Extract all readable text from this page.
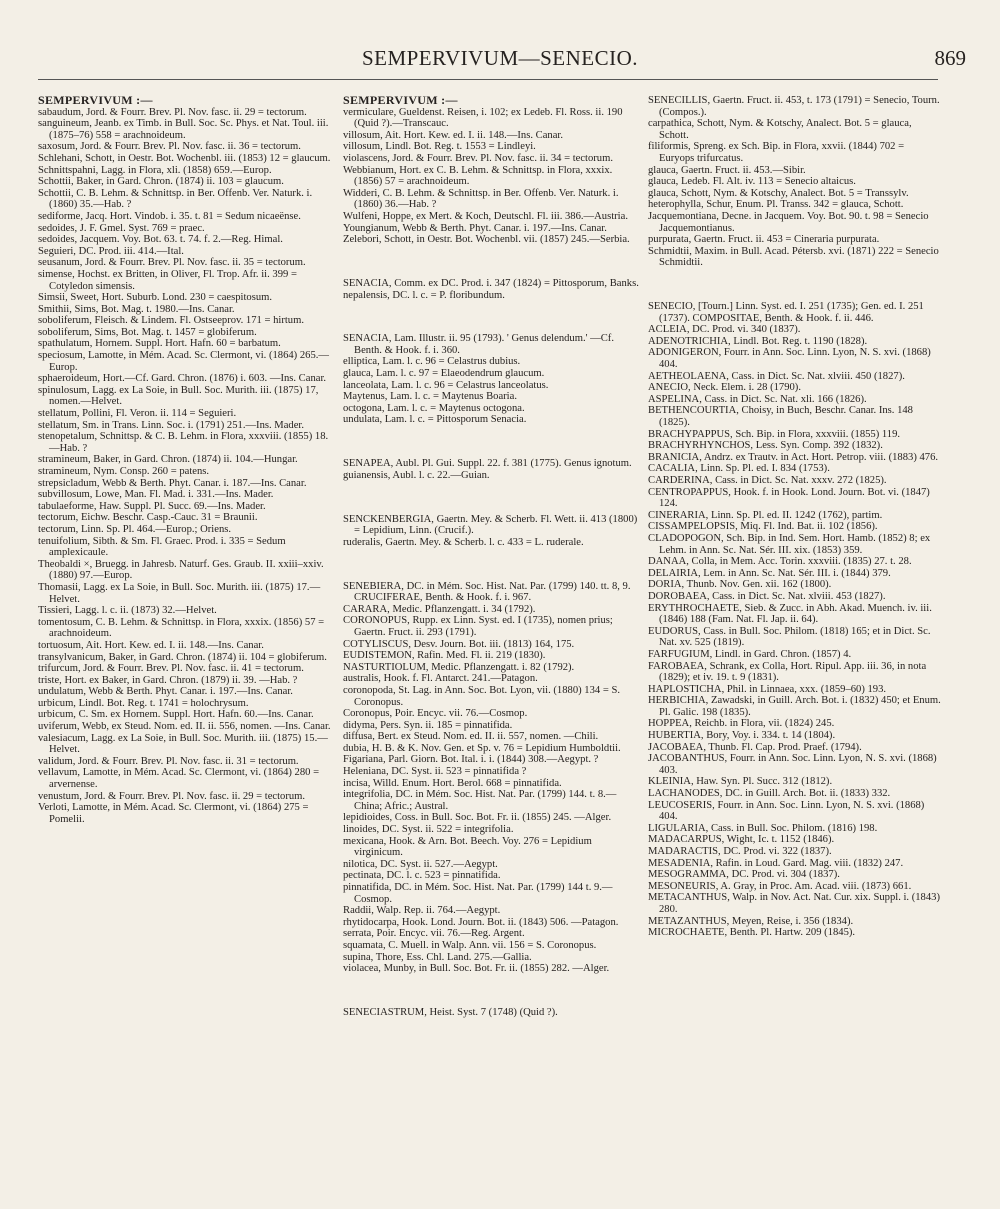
SEMPERVIVUM—SENECIO.	869

SEMPERVIVUM :—

sabaudum, Jord. & Fourr. Brev. Pl. Nov. fasc. ii. 29 = tectorum.

sanguineum, Jeanb. ex Timb. in Bull. Soc. Sc. Phys. et Nat. Toul. iii. (1875–76) 558 = arachnoideum.

saxosum, Jord. & Fourr. Brev. Pl. Nov. fasc. ii. 36 = tectorum.

Schlehani, Schott, in Oestr. Bot. Wochenbl. iii. (1853) 12 = glaucum.

Schnittspahni, Lagg. in Flora, xli. (1858) 659.—Europ.

Schottii, Baker, in Gard. Chron. (1874) ii. 103 = glaucum.

Schottii, C. B. Lehm. & Schnittsp. in Ber. Offenb. Ver. Naturk. i. (1860) 35.—Hab. ?

sediforme, Jacq. Hort. Vindob. i. 35. t. 81 = Sedum nicaeënse.

sedoides, J. F. Gmel. Syst. 769 = praec.

sedoides, Jacquem. Voy. Bot. 63. t. 74. f. 2.—Reg. Himal.

Seguieri, DC. Prod. iii. 414.—Ital.

seusanum, Jord. & Fourr. Brev. Pl. Nov. fasc. ii. 35 = tectorum.

simense, Hochst. ex Britten, in Oliver, Fl. Trop. Afr. ii. 399 = Cotyledon simensis.

Simsii, Sweet, Hort. Suburb. Lond. 230 = caespitosum.

Smithii, Sims, Bot. Mag. t. 1980.—Ins. Canar.

soboliferum, Fleisch. & Lindem. Fl. Ostseeprov. 171 = hirtum.

soboliferum, Sims, Bot. Mag. t. 1457 = globiferum.

spathulatum, Hornem. Suppl. Hort. Hafn. 60 = barbatum.

speciosum, Lamotte, in Mém. Acad. Sc. Clermont, vi. (1864) 265.—Europ.

sphaeroideum, Hort.—Cf. Gard. Chron. (1876) i. 603. —Ins. Canar.

spinulosum, Lagg. ex La Soie, in Bull. Soc. Murith. iii. (1875) 17, nomen.—Helvet.

stellatum, Pollini, Fl. Veron. ii. 114 = Seguieri.

stellatum, Sm. in Trans. Linn. Soc. i. (1791) 251.—Ins. Mader.

stenopetalum, Schnittsp. & C. B. Lehm. in Flora, xxxviii. (1855) 18.—Hab. ?

stramineum, Baker, in Gard. Chron. (1874) ii. 104.—Hungar.

stramineum, Nym. Consp. 260 = patens.

strepsicladum, Webb & Berth. Phyt. Canar. i. 187.—Ins. Canar.

subvillosum, Lowe, Man. Fl. Mad. i. 331.—Ins. Mader.

tabulaeforme, Haw. Suppl. Pl. Succ. 69.—Ins. Mader.

tectorum, Eichw. Beschr. Casp.-Cauc. 31 = Braunii.

tectorum, Linn. Sp. Pl. 464.—Europ.; Oriens.

tenuifolium, Sibth. & Sm. Fl. Graec. Prod. i. 335 = Sedum amplexicaule.

Theobaldi ×, Bruegg. in Jahresb. Naturf. Ges. Graub. II. xxiii–xxiv. (1880) 97.—Europ.

Thomasii, Lagg. ex La Soie, in Bull. Soc. Murith. iii. (1875) 17.—Helvet.

Tissieri, Lagg. l. c. ii. (1873) 32.—Helvet.

tomentosum, C. B. Lehm. & Schnittsp. in Flora, xxxix. (1856) 57 = arachnoideum.

tortuosum, Ait. Hort. Kew. ed. I. ii. 148.—Ins. Canar.

transylvanicum, Baker, in Gard. Chron. (1874) ii. 104 = globiferum.

trifurcum, Jord. & Fourr. Brev. Pl. Nov. fasc. ii. 41 = tectorum.

triste, Hort. ex Baker, in Gard. Chron. (1879) ii. 39. —Hab. ?

undulatum, Webb & Berth. Phyt. Canar. i. 197.—Ins. Canar.

urbicum, Lindl. Bot. Reg. t. 1741 = holochrysum.

urbicum, C. Sm. ex Hornem. Suppl. Hort. Hafn. 60.—Ins. Canar.

uviferum, Webb, ex Steud. Nom. ed. II. ii. 556, nomen. —Ins. Canar.

valesiacum, Lagg. ex La Soie, in Bull. Soc. Murith. iii. (1875) 15.—Helvet.

validum, Jord. & Fourr. Brev. Pl. Nov. fasc. ii. 31 = tectorum.

vellavum, Lamotte, in Mém. Acad. Sc. Clermont, vi. (1864) 280 = arvernense.

venustum, Jord. & Fourr. Brev. Pl. Nov. fasc. ii. 29 = tectorum.

Verloti, Lamotte, in Mém. Acad. Sc. Clermont, vi. (1864) 275 = Pomelii.

SEMPERVIVUM :—

vermiculare, Gueldenst. Reisen, i. 102; ex Ledeb. Fl. Ross. ii. 190 (Quid ?).—Transcauc.

villosum, Ait. Hort. Kew. ed. I. ii. 148.—Ins. Canar.

villosum, Lindl. Bot. Reg. t. 1553 = Lindleyi.

violascens, Jord. & Fourr. Brev. Pl. Nov. fasc. ii. 34 = tectorum.

Webbianum, Hort. ex C. B. Lehm. & Schnittsp. in Flora, xxxix. (1856) 57 = arachnoideum.

Widderi, C. B. Lehm. & Schnittsp. in Ber. Offenb. Ver. Naturk. i. (1860) 36.—Hab. ?

Wulfeni, Hoppe, ex Mert. & Koch, Deutschl. Fl. iii. 386.—Austria.

Youngianum, Webb & Berth. Phyt. Canar. i. 197.—Ins. Canar.

Zelebori, Schott, in Oestr. Bot. Wochenbl. vii. (1857) 245.—Serbia.

SENACIA, Comm. ex DC. Prod. i. 347 (1824) = Pittosporum, Banks.

nepalensis, DC. l. c. = P. floribundum.

SENACIA, Lam. Illustr. ii. 95 (1793). ' Genus delendum.' —Cf. Benth. & Hook. f. i. 360.

elliptica, Lam. l. c. 96 = Celastrus dubius.

glauca, Lam. l. c. 97 = Elaeodendrum glaucum.

lanceolata, Lam. l. c. 96 = Celastrus lanceolatus.

Maytenus, Lam. l. c. = Maytenus Boaria.

octogona, Lam. l. c. = Maytenus octogona.

undulata, Lam. l. c. = Pittosporum Senacia.

SENAPEA, Aubl. Pl. Gui. Suppl. 22. f. 381 (1775). Genus ignotum.

guianensis, Aubl. l. c. 22.—Guian.

SENCKENBERGIA, Gaertn. Mey. & Scherb. Fl. Wett. ii. 413 (1800) = Lepidium, Linn. (Crucif.).

ruderalis, Gaertn. Mey. & Scherb. l. c. 433 = L. ruderale.

SENEBIERA, DC. in Mém. Soc. Hist. Nat. Par. (1799) 140. tt. 8, 9. CRUCIFERAE, Benth. & Hook. f. i. 967.

CARARA, Medic. Pflanzengatt. i. 34 (1792).

CORONOPUS, Rupp. ex Linn. Syst. ed. I (1735), nomen prius; Gaertn. Fruct. ii. 293 (1791).

COTYLISCUS, Desv. Journ. Bot. iii. (1813) 164, 175.

EUDISTEMON, Rafin. Med. Fl. ii. 219 (1830).

NASTURTIOLUM, Medic. Pflanzengatt. i. 82 (1792).

australis, Hook. f. Fl. Antarct. 241.—Patagon.

coronopoda, St. Lag. in Ann. Soc. Bot. Lyon, vii. (1880) 134 = S. Coronopus.

Coronopus, Poir. Encyc. vii. 76.—Cosmop.

didyma, Pers. Syn. ii. 185 = pinnatifida.

diffusa, Bert. ex Steud. Nom. ed. II. ii. 557, nomen. —Chili.

dubia, H. B. & K. Nov. Gen. et Sp. v. 76 = Lepidium Humboldtii.

Figariana, Parl. Giorn. Bot. Ital. i. i. (1844) 308.—Aegypt. ?

Heleniana, DC. Syst. ii. 523 = pinnatifida ?

incisa, Willd. Enum. Hort. Berol. 668 = pinnatifida.

integrifolia, DC. in Mém. Soc. Hist. Nat. Par. (1799) 144. t. 8.—China; Afric.; Austral.

lepidioides, Coss. in Bull. Soc. Bot. Fr. ii. (1855) 245. —Alger.

linoides, DC. Syst. ii. 522 = integrifolia.

mexicana, Hook. & Arn. Bot. Beech. Voy. 276 = Lepidium virginicum.

nilotica, DC. Syst. ii. 527.—Aegypt.

pectinata, DC. l. c. 523 = pinnatifida.

pinnatifida, DC. in Mém. Soc. Hist. Nat. Par. (1799) 144 t. 9.—Cosmop.

Raddii, Walp. Rep. ii. 764.—Aegypt.

rhytidocarpa, Hook. Lond. Journ. Bot. ii. (1843) 506. —Patagon.

serrata, Poir. Encyc. vii. 76.—Reg. Argent.

squamata, C. Muell. in Walp. Ann. vii. 156 = S. Coronopus.

supina, Thore, Ess. Chl. Land. 275.—Gallia.

violacea, Munby, in Bull. Soc. Bot. Fr. ii. (1855) 282. —Alger.

SENECIASTRUM, Heist. Syst. 7 (1748) (Quid ?).

SENECILLIS, Gaertn. Fruct. ii. 453, t. 173 (1791) = Senecio, Tourn. (Compos.).

carpathica, Schott, Nym. & Kotschy, Analect. Bot. 5 = glauca, Schott.

filiformis, Spreng. ex Sch. Bip. in Flora, xxvii. (1844) 702 = Euryops trifurcatus.

glauca, Gaertn. Fruct. ii. 453.—Sibir.

glauca, Ledeb. Fl. Alt. iv. 113 = Senecio altaicus.

glauca, Schott, Nym. & Kotschy, Analect. Bot. 5 = Transsylv.

heterophylla, Schur, Enum. Pl. Transs. 342 = glauca, Schott.

Jacquemontiana, Decne. in Jacquem. Voy. Bot. 90. t. 98 = Senecio Jacquemontianus.

purpurata, Gaertn. Fruct. ii. 453 = Cineraria purpurata.

Schmidtii, Maxim. in Bull. Acad. Pétersb. xvi. (1871) 222 = Senecio Schmidtii.

SENECIO, [Tourn.] Linn. Syst. ed. I. 251 (1735); Gen. ed. I. 251 (1737). COMPOSITAE, Benth. & Hook. f. ii. 446.

ACLEIA, DC. Prod. vi. 340 (1837).

ADENOTRICHIA, Lindl. Bot. Reg. t. 1190 (1828).

ADONIGERON, Fourr. in Ann. Soc. Linn. Lyon, N. S. xvi. (1868) 404.

AETHEOLAENA, Cass. in Dict. Sc. Nat. xlviii. 450 (1827).

ANECIO, Neck. Elem. i. 28 (1790).

ASPELINA, Cass. in Dict. Sc. Nat. xli. 166 (1826).

BETHENCOURTIA, Choisy, in Buch, Beschr. Canar. Ins. 148 (1825).

BRACHYPAPPUS, Sch. Bip. in Flora, xxxviii. (1855) 119.

BRACHYRHYNCHOS, Less. Syn. Comp. 392 (1832).

BRANICIA, Andrz. ex Trautv. in Act. Hort. Petrop. viii. (1883) 476.

CACALIA, Linn. Sp. Pl. ed. I. 834 (1753).

CARDERINA, Cass. in Dict. Sc. Nat. xxxv. 272 (1825).

CENTROPAPPUS, Hook. f. in Hook. Lond. Journ. Bot. vi. (1847) 124.

CINERARIA, Linn. Sp. Pl. ed. II. 1242 (1762), partim.

CISSAMPELOPSIS, Miq. Fl. Ind. Bat. ii. 102 (1856).

CLADOPOGON, Sch. Bip. in Ind. Sem. Hort. Hamb. (1852) 8; ex Lehm. in Ann. Sc. Nat. Sér. III. xix. (1853) 359.

DANAA, Colla, in Mem. Acc. Torin. xxxviii. (1835) 27. t. 28.

DELAIRIA, Lem. in Ann. Sc. Nat. Sér. III. i. (1844) 379.

DORIA, Thunb. Nov. Gen. xii. 162 (1800).

DOROBAEA, Cass. in Dict. Sc. Nat. xlviii. 453 (1827).

ERYTHROCHAETE, Sieb. & Zucc. in Abh. Akad. Muench. iv. iii. (1846) 188 (Fam. Nat. Fl. Jap. ii. 64).

EUDORUS, Cass. in Bull. Soc. Philom. (1818) 165; et in Dict. Sc. Nat. xv. 525 (1819).

FARFUGIUM, Lindl. in Gard. Chron. (1857) 4.

FAROBAEA, Schrank, ex Colla, Hort. Ripul. App. iii. 36, in nota (1829); et iv. 19. t. 9 (1831).

HAPLOSTICHA, Phil. in Linnaea, xxx. (1859–60) 193.

HERBICHIA, Zawadski, in Guill. Arch. Bot. i. (1832) 450; et Enum. Pl. Galic. 198 (1835).

HOPPEA, Reichb. in Flora, vii. (1824) 245.

HUBERTIA, Bory, Voy. i. 334. t. 14 (1804).

JACOBAEA, Thunb. Fl. Cap. Prod. Praef. (1794).

JACOBANTHUS, Fourr. in Ann. Soc. Linn. Lyon, N. S. xvi. (1868) 403.

KLEINIA, Haw. Syn. Pl. Succ. 312 (1812).

LACHANODES, DC. in Guill. Arch. Bot. ii. (1833) 332.

LEUCOSERIS, Fourr. in Ann. Soc. Linn. Lyon, N. S. xvi. (1868) 404.

LIGULARIA, Cass. in Bull. Soc. Philom. (1816) 198.

MADACARPUS, Wight, Ic. t. 1152 (1846).

MADARACTIS, DC. Prod. vi. 322 (1837).

MESADENIA, Rafin. in Loud. Gard. Mag. viii. (1832) 247.

MESOGRAMMA, DC. Prod. vi. 304 (1837).

MESONEURIS, A. Gray, in Proc. Am. Acad. viii. (1873) 661.

METACANTHUS, Walp. in Nov. Act. Nat. Cur. xix. Suppl. i. (1843) 280.

METAZANTHUS, Meyen, Reise, i. 356 (1834).

MICROCHAETE, Benth. Pl. Hartw. 209 (1845).
